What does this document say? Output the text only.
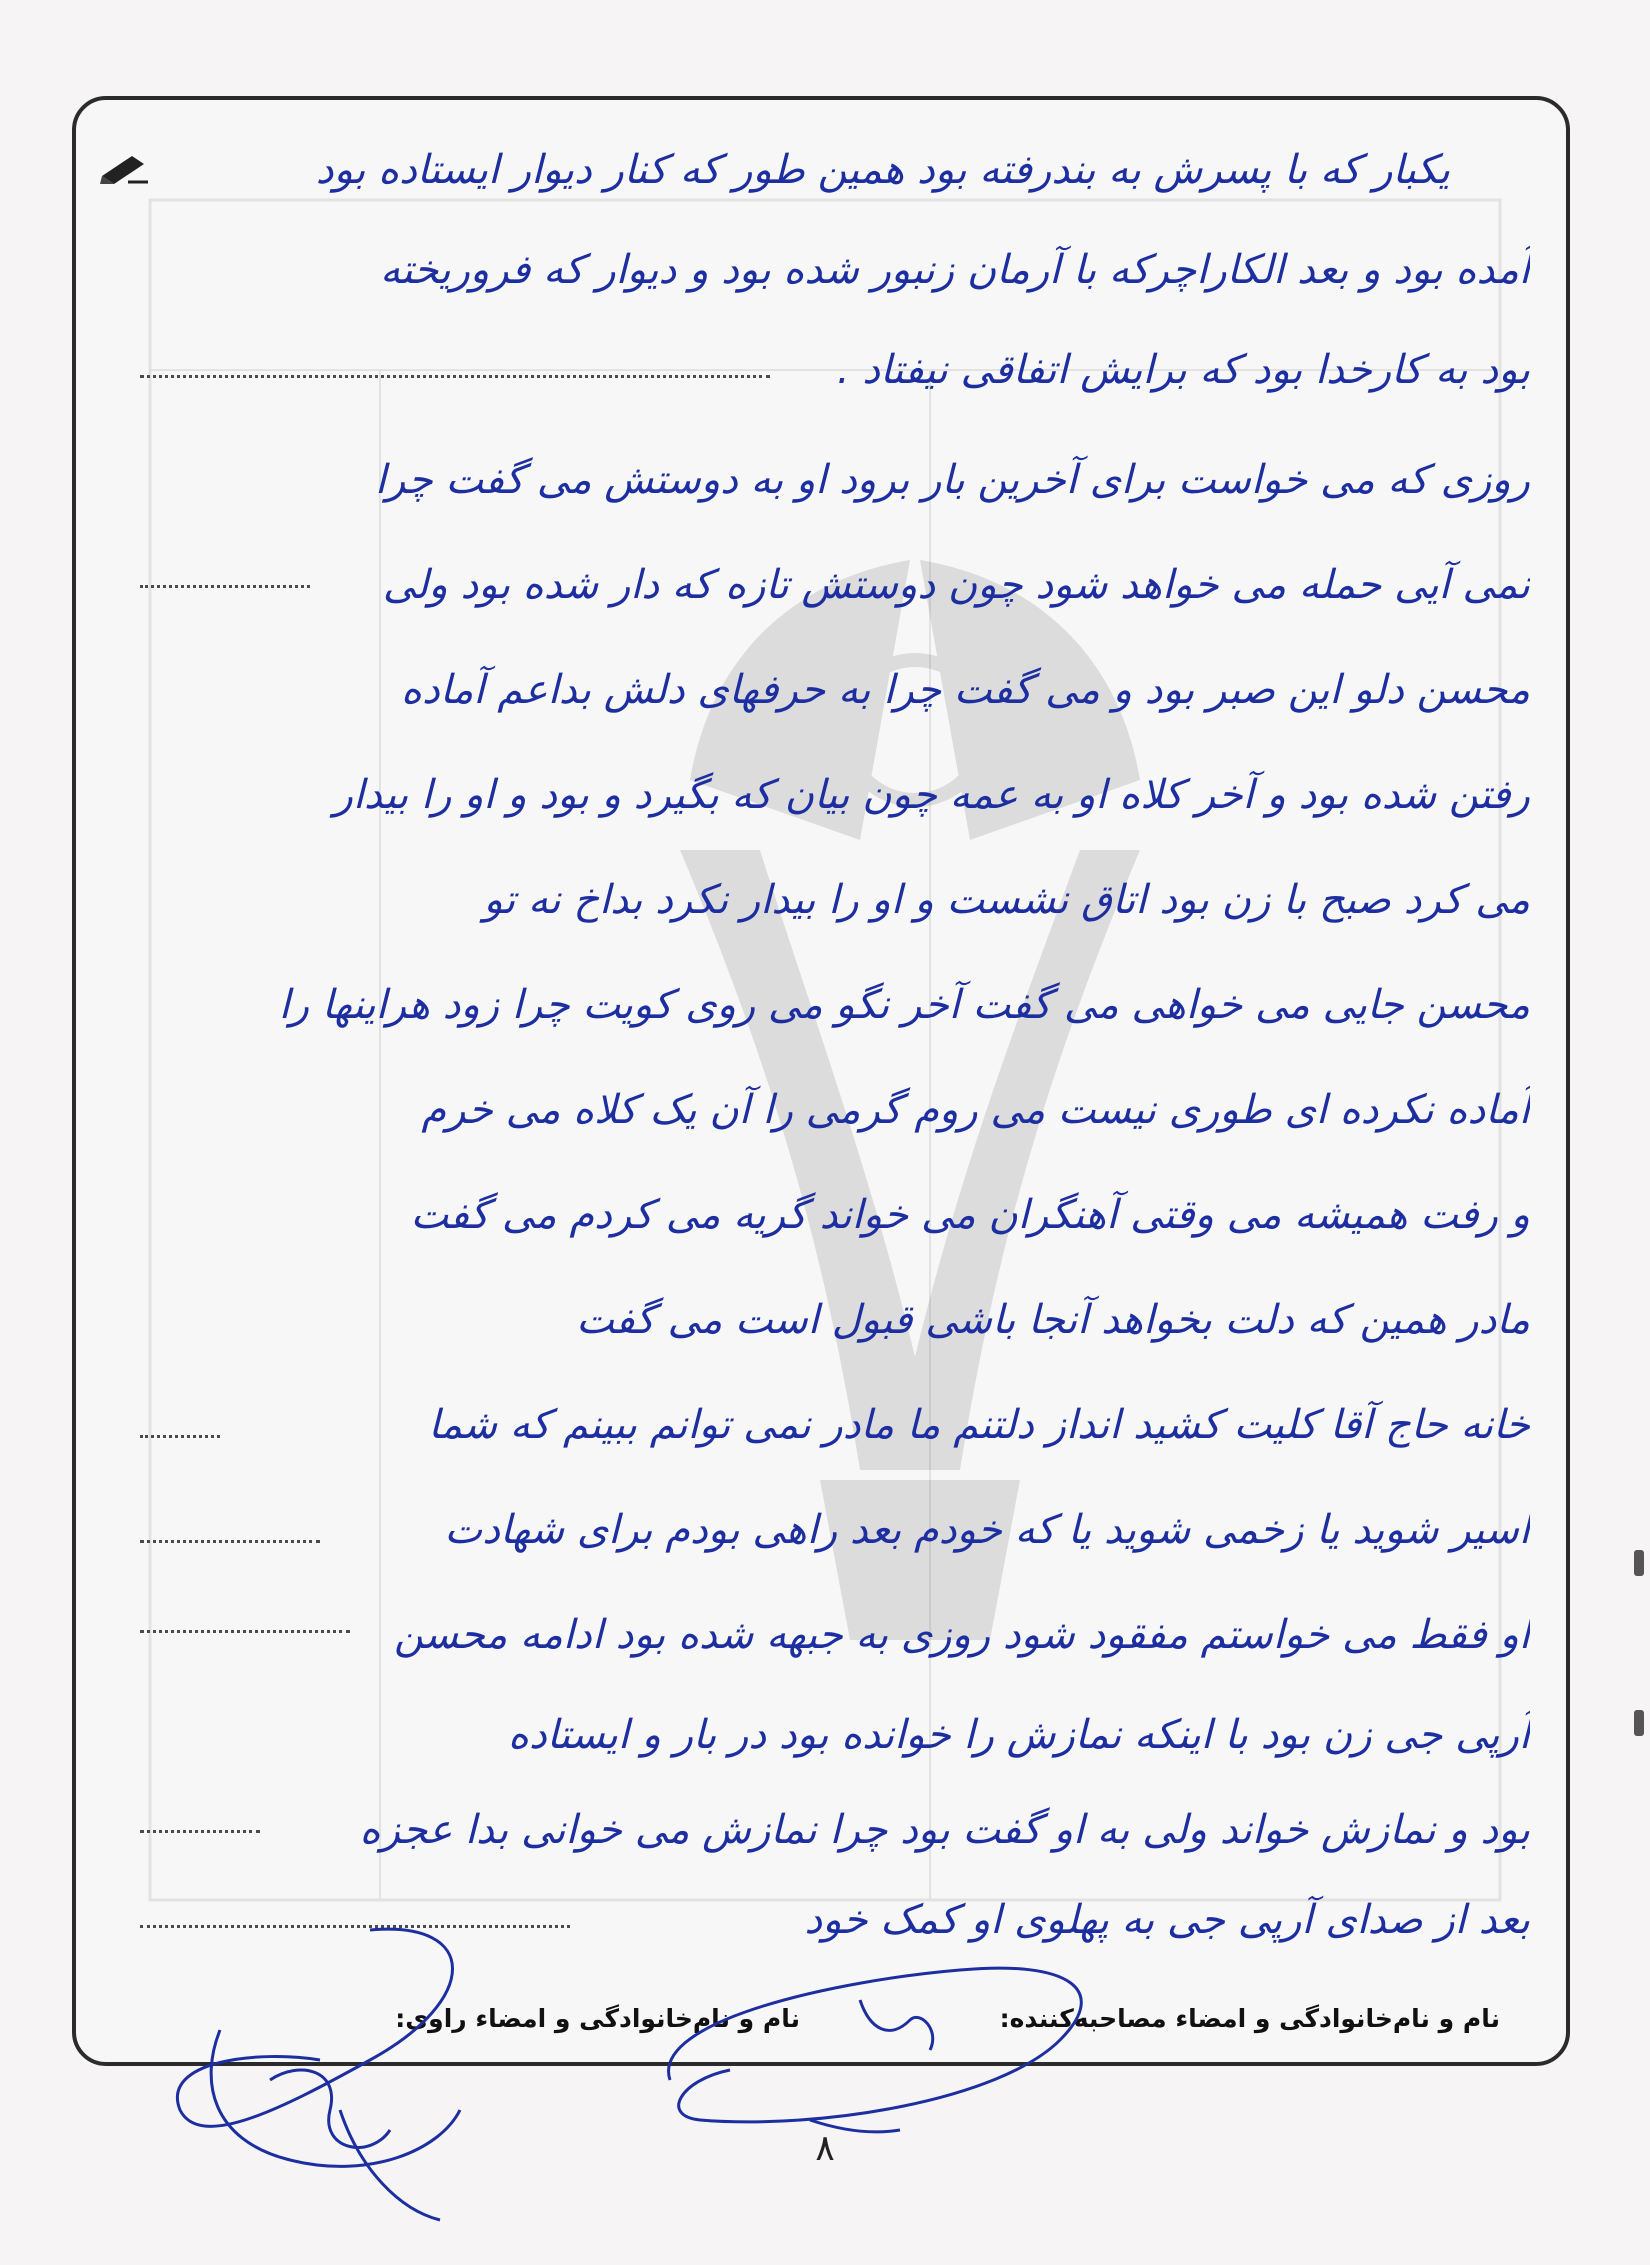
یکبار که با پسرش به بندرفته بود همین طور که کنار دیوار ایستاده بود
آمده بود و بعد الکاراچرکه با آرمان زنبور شده بود و دیوار که فروریخته
بود به کارخدا بود که برایش اتفاقی نیفتاد .
روزی که می خواست برای آخرین بار برود او به دوستش می گفت چرا
نمی آیی حمله می خواهد شود چون دوستش تازه که دار شده بود ولی
محسن دلو این صبر بود و می گفت چرا به حرفهای دلش بداعم آماده
رفتن شده بود و آخر کلاه او به عمه چون بیان که بگیرد و بود و او را بیدار
می کرد صبح با زن بود اتاق نشست و او را بیدار نکرد بداخ نه تو
محسن جایی می خواهی می گفت آخر نگو می روی کویت چرا زود هراینها را
آماده نکرده ای طوری نیست می روم گرمی را آن یک کلاه می خرم
و رفت همیشه می وقتی آهنگران می خواند گریه می کردم می گفت
مادر همین که دلت بخواهد آنجا باشی قبول است می گفت
خانه حاج آقا کلیت کشید انداز دلتنم ما مادر نمی توانم ببینم که شما
اسیر شوید یا زخمی شوید یا که خودم بعد راهی بودم برای شهادت
او فقط می خواستم مفقود شود روزی به جبهه شده بود ادامه محسن
آرپی جی زن بود با اینکه نمازش را خوانده بود در بار و ایستاده
بود و نمازش خواند ولی به او گفت بود چرا نمازش می خوانی بدا عجزه
بعد از صدای آرپی جی به پهلوی او کمک خود
نام و نام‌خانوادگی و امضاء مصاحبه‌کننده:
نام و نام‌خانوادگی و امضاء راوی:
۸
